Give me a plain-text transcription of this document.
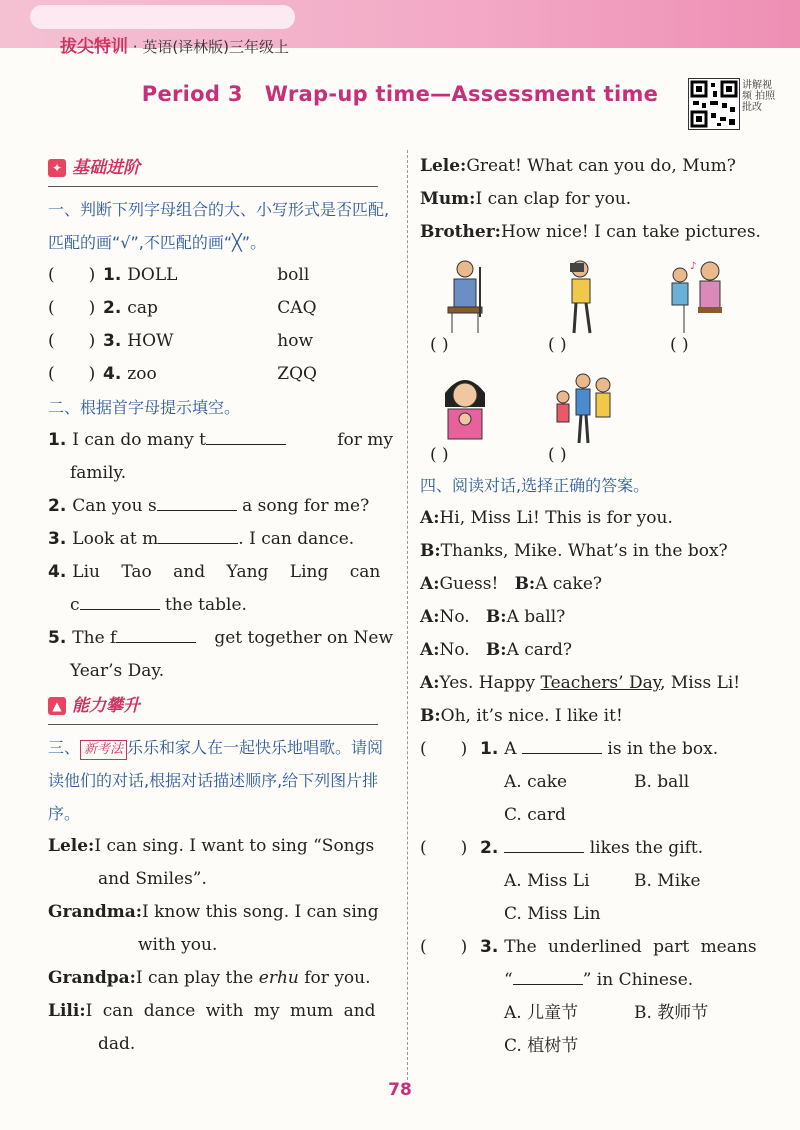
拔尖特训 · 英语(译林版)三年级上
Period 3 Wrap-up time—Assessment time	讲解视频 拍照批改
✦ 基础进阶
一、判断下列字母组合的大、小写形式是否匹配,匹配的画“√”,不匹配的画“╳”。
(　　) 1. DOLL	boll
(　　) 2. cap	CAQ
(　　) 3. HOW	how
(　　) 4. zoo	ZQQ
二、根据首字母提示填空。
1. I can do many t	for my
family.
2. Can you s	a song for me?
3. Look at m	. I can dance.
4. Liu Tao and Yang Ling can
c	the table.
5. The f	get together on New
Year’s Day.
▲ 能力攀升
三、 新考法 乐乐和家人在一起快乐地唱歌。请阅读他们的对话,根据对话描述顺序,给下列图片排序。
Lele:I can sing. I want to sing “Songs
and Smiles”.
Grandma:I know this song. I can sing
with you.
Grandpa:I can play the erhu for you.
Lili:I can dance with my mum and
dad.
Lele:Great! What can you do, Mum?
Mum:I can clap for you.
Brother:How nice! I can take pictures.
♪
( )	( )	( )
( )	( )
四、阅读对话,选择正确的答案。
A:Hi, Miss Li! This is for you.
B:Thanks, Mike. What’s in the box?
A:Guess! B:A cake?
A:No. B:A ball?
A:No. B:A card?
A:Yes. Happy Teachers’ Day, Miss Li!
B:Oh, it’s nice. I like it!
(　　) 1. A	is in the box.
A. cake	B. ball
C. card
(　　) 2.	likes the gift.
A. Miss Li	B. Mike
C. Miss Lin
(　　) 3. The underlined part means
“	” in Chinese.
A. 儿童节	B. 教师节
C. 植树节
78
